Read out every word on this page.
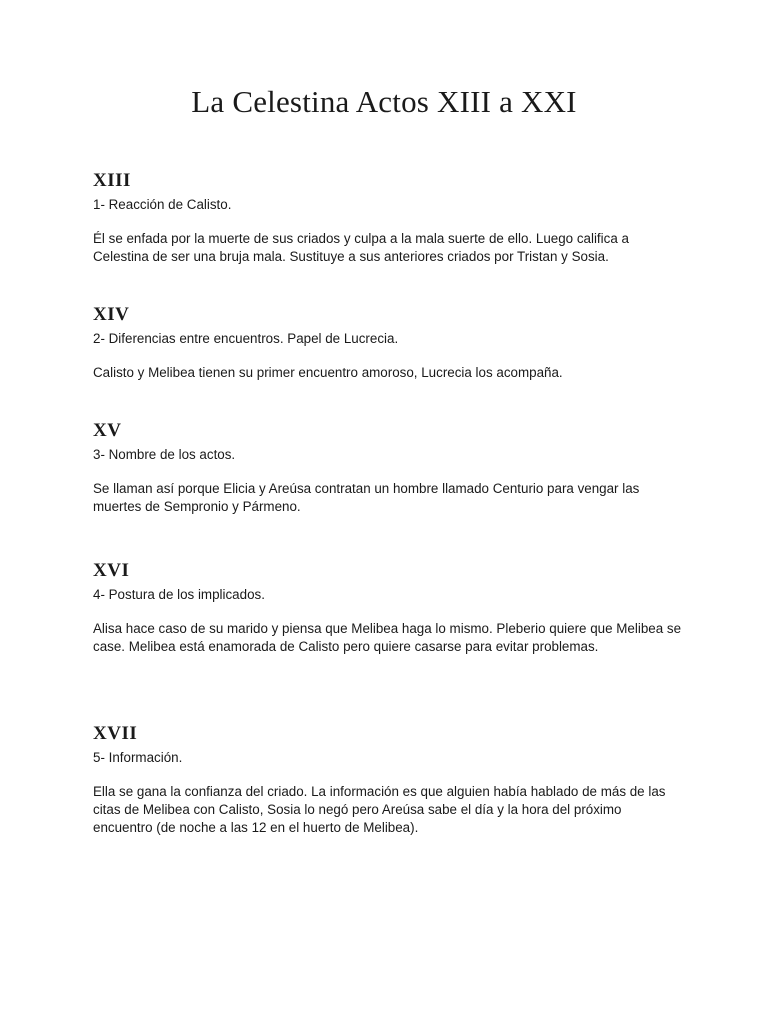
La Celestina Actos XIII a XXI
XIII

1- Reacción de Calisto.

Él se enfada por la muerte de sus criados y culpa a la mala suerte de ello. Luego califica a Celestina de ser una bruja mala. Sustituye a sus anteriores criados por Tristan y Sosia.

XIV

2- Diferencias entre encuentros. Papel de Lucrecia.

Calisto y Melibea tienen su primer encuentro amoroso, Lucrecia los acompaña.

XV

3- Nombre de los actos.

Se llaman así porque Elicia y Areúsa contratan un hombre llamado Centurio para vengar las muertes de Sempronio y Pármeno.

XVI

4- Postura de los implicados.

Alisa hace caso de su marido y piensa que Melibea haga lo mismo. Pleberio quiere que Melibea se case. Melibea está enamorada de Calisto pero quiere casarse para evitar problemas.

XVII

5- Información.

Ella se gana la confianza del criado. La información es que alguien había hablado de más de las citas de Melibea con Calisto, Sosia lo negó pero Areúsa sabe el día y la hora del próximo encuentro (de noche a las 12 en el huerto de Melibea).
